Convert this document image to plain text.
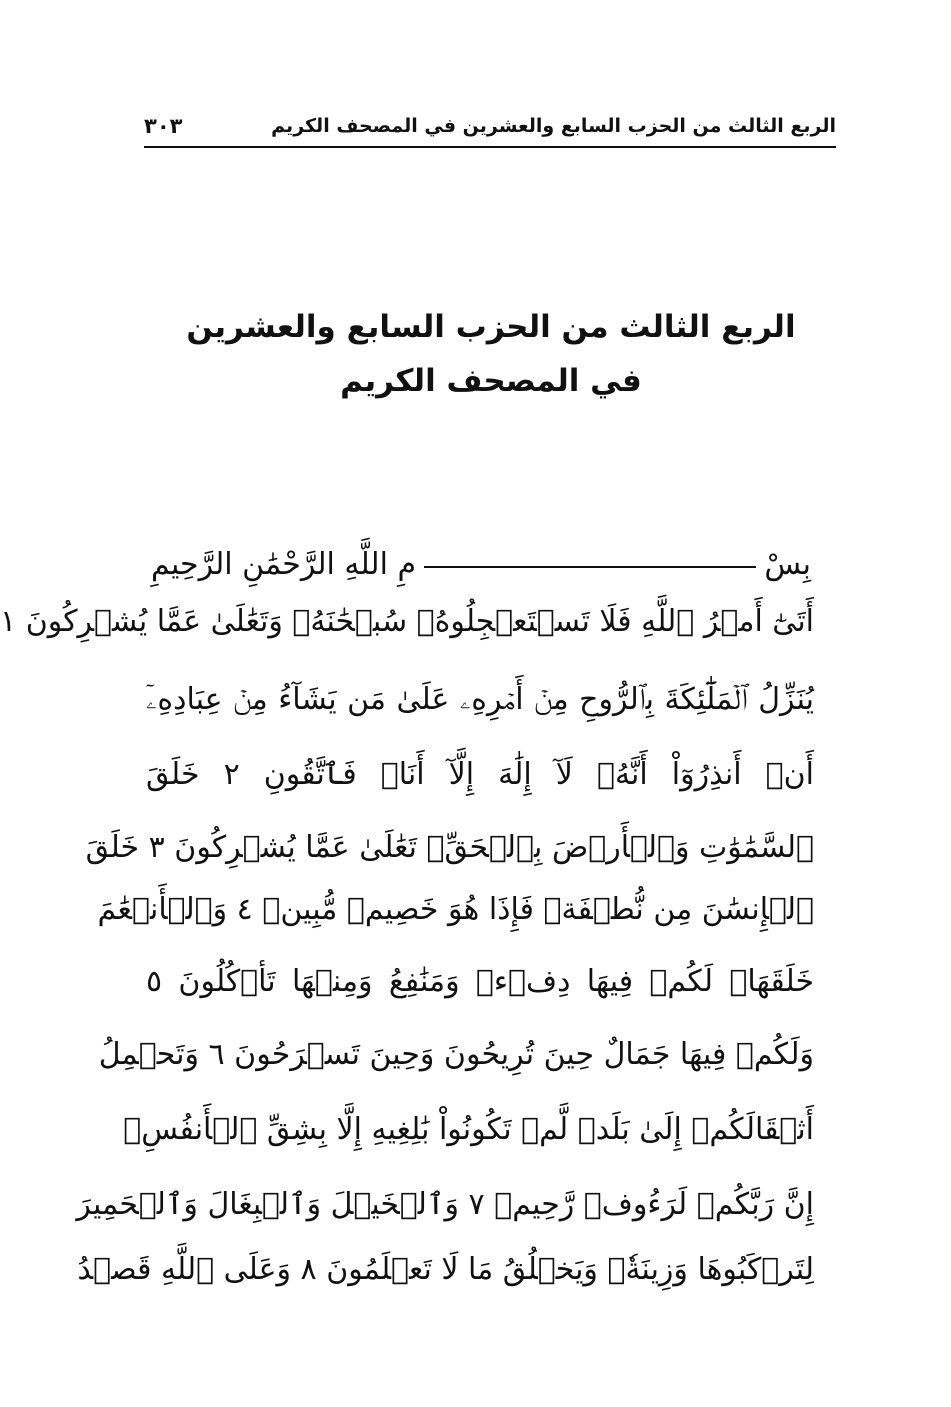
الربع الثالث من الحزب السابع والعشرين في المصحف الكريم
٣٠٣
الربع الثالث من الحزب السابع والعشرين
في المصحف الكريم
بِسْ
مِ اللَّهِ الرَّحْمَٰنِ الرَّحِيمِ
أَتَىٰٓ أَمۡرُ ٱللَّهِ فَلَا تَسۡتَعۡجِلُوهُۚ سُبۡحَٰنَهُۥ وَتَعَٰلَىٰ عَمَّا يُشۡرِكُونَ ١
يُنَزِّلُ ٱلۡمَلَٰٓئِكَةَ بِٱلرُّوحِ مِنۡ أَمۡرِهِۦ عَلَىٰ مَن يَشَآءُ مِنۡ عِبَادِهِۦٓ
أَنۡ أَنذِرُوٓاْ أَنَّهُۥ لَآ إِلَٰهَ إِلَّآ أَنَا۠ فَٱتَّقُونِ ٢ خَلَقَ
ٱلسَّمَٰوَٰتِ وَٱلۡأَرۡضَ بِٱلۡحَقِّۚ تَعَٰلَىٰ عَمَّا يُشۡرِكُونَ ٣ خَلَقَ
ٱلۡإِنسَٰنَ مِن نُّطۡفَةٖ فَإِذَا هُوَ خَصِيمٞ مُّبِينٞ ٤ وَٱلۡأَنۡعَٰمَ
خَلَقَهَاۗ لَكُمۡ فِيهَا دِفۡءٞ وَمَنَٰفِعُ وَمِنۡهَا تَأۡكُلُونَ ٥
وَلَكُمۡ فِيهَا جَمَالٌ حِينَ تُرِيحُونَ وَحِينَ تَسۡرَحُونَ ٦ وَتَحۡمِلُ
أَثۡقَالَكُمۡ إِلَىٰ بَلَدٖ لَّمۡ تَكُونُواْ بَٰلِغِيهِ إِلَّا بِشِقِّ ٱلۡأَنفُسِۚ
إِنَّ رَبَّكُمۡ لَرَءُوفٞ رَّحِيمٞ ٧ وَٱلۡخَيۡلَ وَٱلۡبِغَالَ وَٱلۡحَمِيرَ
لِتَرۡكَبُوهَا وَزِينَةٗۚ وَيَخۡلُقُ مَا لَا تَعۡلَمُونَ ٨ وَعَلَى ٱللَّهِ قَصۡدُ
